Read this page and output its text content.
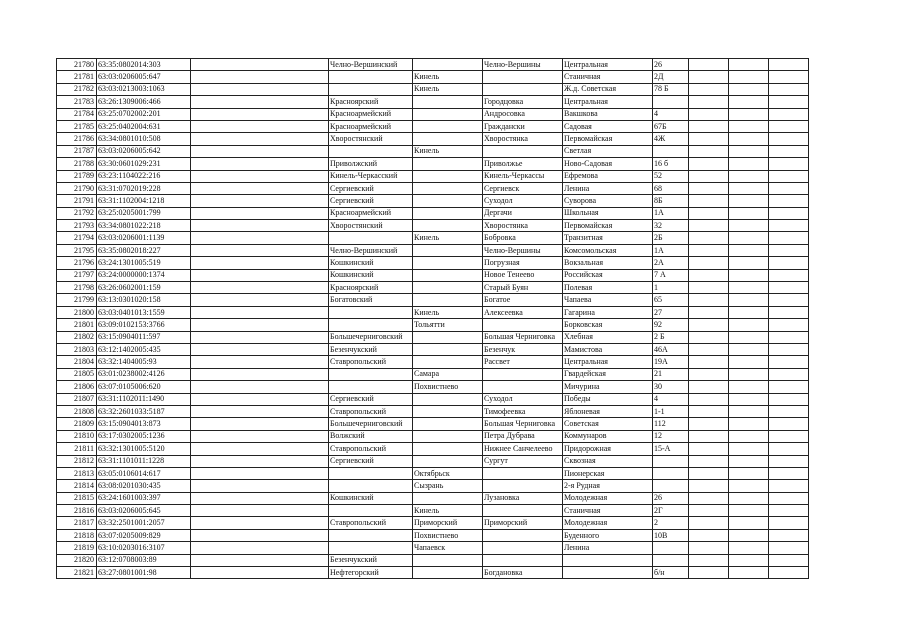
21780	63:35:0802014:303		Челно-Вершинский		Челно-Вершины	Центральная	26			
21781	63:03:0206005:647			Кинель		Станичная	2Д			
21782	63:03:0213003:1063			Кинель		Ж.д. Советская	78 Б			
21783	63:26:1309006:466		Красноярский		Городцовка	Центральная				
21784	63:25:0702002:201		Красноармейский		Андросовка	Вакшкова	4			
21785	63:25:0402004:631		Красноармейский		Граждански	Садовая	67Б			
21786	63:34:0801010:508		Хворостянский		Хворостянка	Первомайская	4Ж			
21787	63:03:0206005:642			Кинель		Светлая				
21788	63:30:0601029:231		Приволжский		Приволжье	Ново-Садовая	16 б			
21789	63:23:1104022:216		Кинель-Черкасский		Кинель-Черкассы	Ефремова	52			
21790	63:31:0702019:228		Сергиевский		Сергиевск	Ленина	68			
21791	63:31:1102004:1218		Сергиевский		Суходол	Суворова	8Б			
21792	63:25:0205001:799		Красноармейский		Дергачи	Школьная	1А			
21793	63:34:0801022:218		Хворостянский		Хворостянка	Первомайская	32			
21794	63:03:0206001:1139			Кинель	Бобровка	Транзитная	2Б			
21795	63:35:0802018:227		Челно-Вершинский		Челно-Вершины	Комсомольская	1А			
21796	63:24:1301005:519		Кошкинский		Погрузная	Вокзальная	2А			
21797	63:24:0000000:1374		Кошкинский		Новое Тенеево	Российская	7 А			
21798	63:26:0602001:159		Красноярский		Старый Буян	Полевая	1			
21799	63:13:0301020:158		Богатовский		Богатое	Чапаева	65			
21800	63:03:0401013:1559			Кинель	Алексеевка	Гагарина	27			
21801	63:09:0102153:3766			Тольятти		Борковская	92			
21802	63:15:0904011:597		Большечерниговский		Большая Черниговка	Хлебная	2 Б			
21803	63:12:1402005:435		Безенчукский		Безенчук	Мамистова	46А			
21804	63:32:1404005:93		Ставропольский		Рассвет	Центральная	19А			
21805	63:01:0238002:4126			Самара		Гвардейская	21			
21806	63:07:0105006:620			Похвистнево		Мичурина	30			
21807	63:31:1102011:1490		Сергиевский		Суходол	Победы	4			
21808	63:32:2601033:5187		Ставропольский		Тимофеевка	Яблоневая	1-1			
21809	63:15:0904013:873		Большечерниговский		Большая Черниговка	Советская	112			
21810	63:17:0302005:1236		Волжский		Петра Дубрава	Коммунаров	12			
21811	63:32:1301005:5120		Ставропольский		Нижнее Санчелеево	Придорожная	15-А			
21812	63:31:1101011:1228		Сергиевский		Сургут	Сквозная				
21813	63:05:0106014:617			Октябрьск		Пионерская				
21814	63:08:0201030:435			Сызрань		2-я Рудная				
21815	63:24:1601003:397		Кошкинский		Лузановка	Молодежная	26			
21816	63:03:0206005:645			Кинель		Станичная	2Г			
21817	63:32:2501001:2057		Ставропольский	Приморский	Приморский	Молодежная	2			
21818	63:07:0205009:829			Похвистнево		Буденного	10В			
21819	63:10:0203016:3107			Чапаевск		Ленина				
21820	63:12:0708003:89		Безенчукский							
21821	63:27:0801001:98		Нефтегорский		Богдановка		б/н			
